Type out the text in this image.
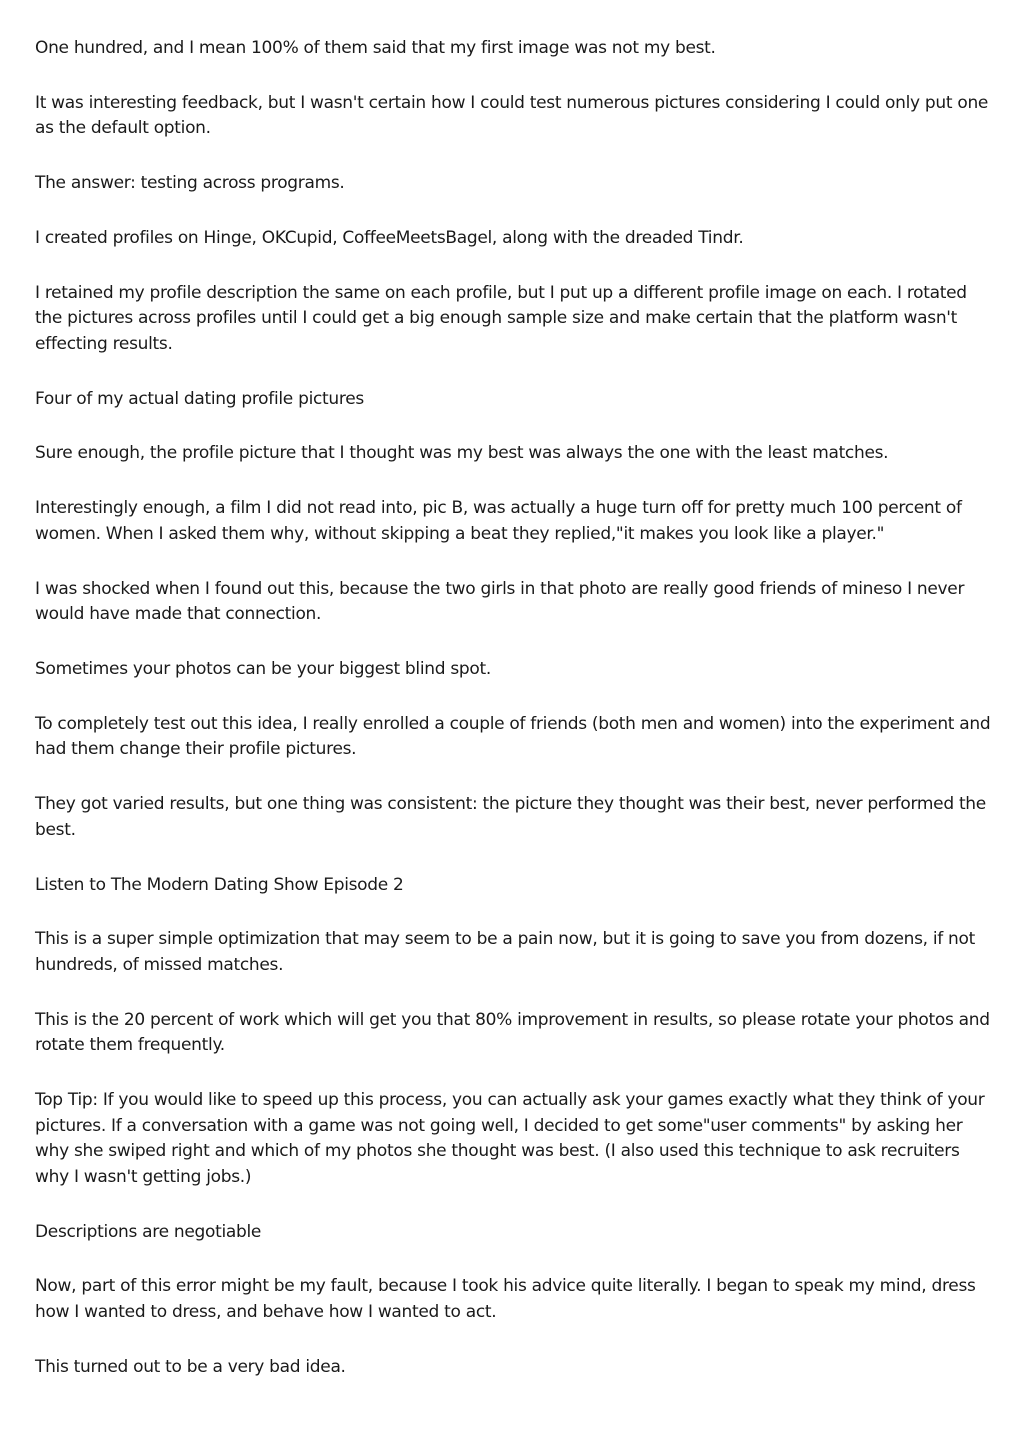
One hundred, and I mean 100% of them said that my first image was not my best.

It was interesting feedback, but I wasn't certain how I could test numerous pictures considering I could only put one as the default option.

The answer: testing across programs.

I created profiles on Hinge, OKCupid, CoffeeMeetsBagel, along with the dreaded Tindr.

I retained my profile description the same on each profile, but I put up a different profile image on each. I rotated the pictures across profiles until I could get a big enough sample size and make certain that the platform wasn't effecting results.

Four of my actual dating profile pictures

Sure enough, the profile picture that I thought was my best was always the one with the least matches.

Interestingly enough, a film I did not read into, pic B, was actually a huge turn off for pretty much 100 percent of women. When I asked them why, without skipping a beat they replied,"it makes you look like a player."

I was shocked when I found out this, because the two girls in that photo are really good friends of mineso I never would have made that connection.

Sometimes your photos can be your biggest blind spot.

To completely test out this idea, I really enrolled a couple of friends (both men and women) into the experiment and had them change their profile pictures.

They got varied results, but one thing was consistent: the picture they thought was their best, never performed the best.

Listen to The Modern Dating Show Episode 2

This is a super simple optimization that may seem to be a pain now, but it is going to save you from dozens, if not hundreds, of missed matches.

This is the 20 percent of work which will get you that 80% improvement in results, so please rotate your photos and rotate them frequently.

Top Tip: If you would like to speed up this process, you can actually ask your games exactly what they think of your pictures. If a conversation with a game was not going well, I decided to get some"user comments" by asking her why she swiped right and which of my photos she thought was best. (I also used this technique to ask recruiters why I wasn't getting jobs.)

Descriptions are negotiable

Now, part of this error might be my fault, because I took his advice quite literally. I began to speak my mind, dress how I wanted to dress, and behave how I wanted to act.

This turned out to be a very bad idea.
